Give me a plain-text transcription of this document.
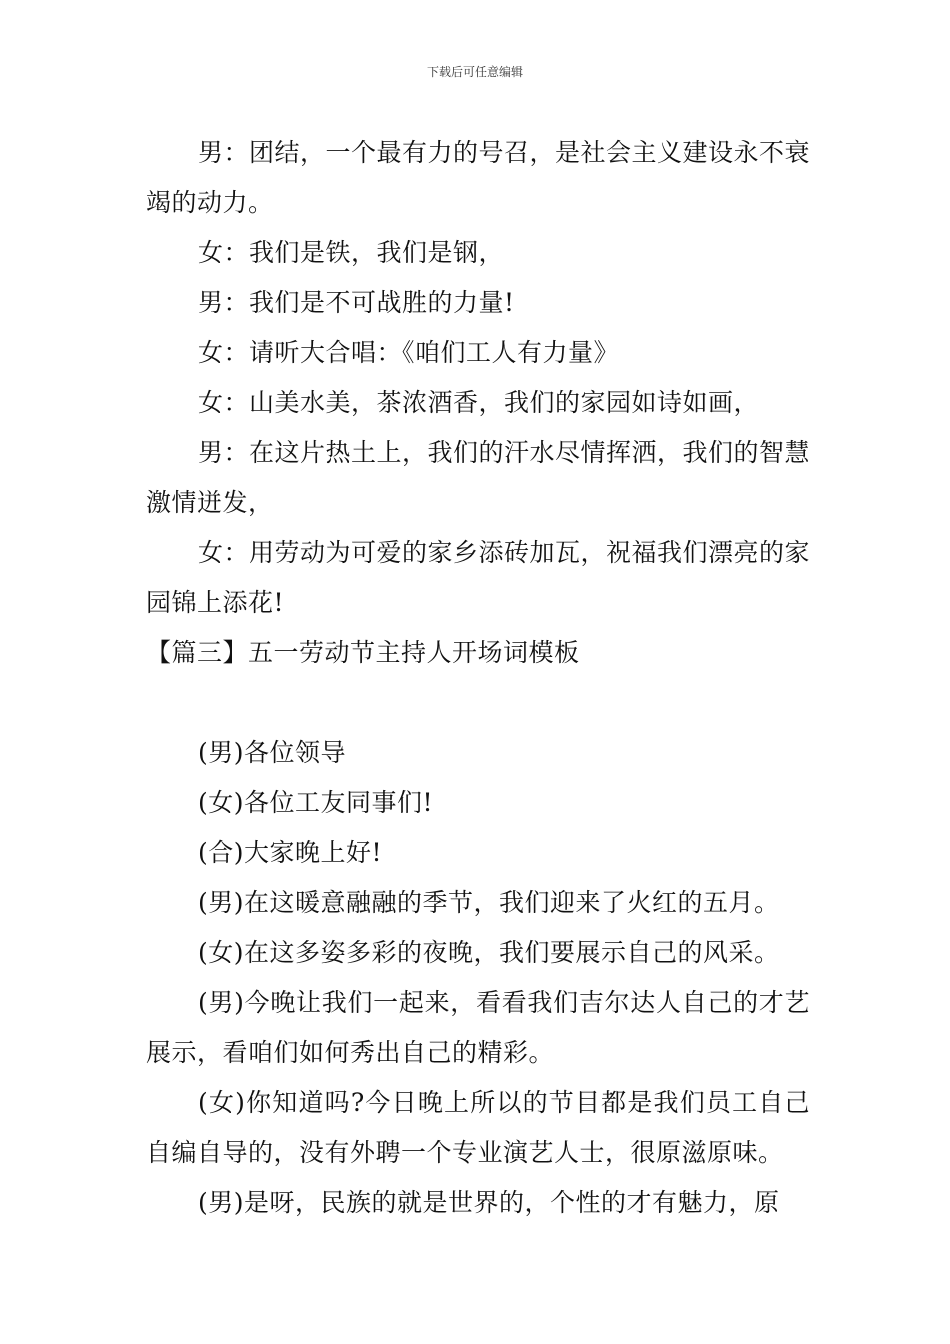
下载后可任意编辑

男：团结，一个最有力的号召，是社会主义建设永不衰竭的动力。

女：我们是铁，我们是钢，

男：我们是不可战胜的力量!

女：请听大合唱：《咱们工人有力量》

女：山美水美，茶浓酒香，我们的家园如诗如画，

男：在这片热土上，我们的汗水尽情挥洒，我们的智慧激情迸发，

女：用劳动为可爱的家乡添砖加瓦，祝福我们漂亮的家园锦上添花!

【篇三】五一劳动节主持人开场词模板

(男)各位领导

(女)各位工友同事们!

(合)大家晚上好!

(男)在这暖意融融的季节，我们迎来了火红的五月。

(女)在这多姿多彩的夜晚，我们要展示自己的风采。

(男)今晚让我们一起来，看看我们吉尔达人自己的才艺展示，看咱们如何秀出自己的精彩。

(女)你知道吗?今日晚上所以的节目都是我们员工自己自编自导的，没有外聘一个专业演艺人士，很原滋原味。

(男)是呀，民族的就是世界的，个性的才有魅力，原
